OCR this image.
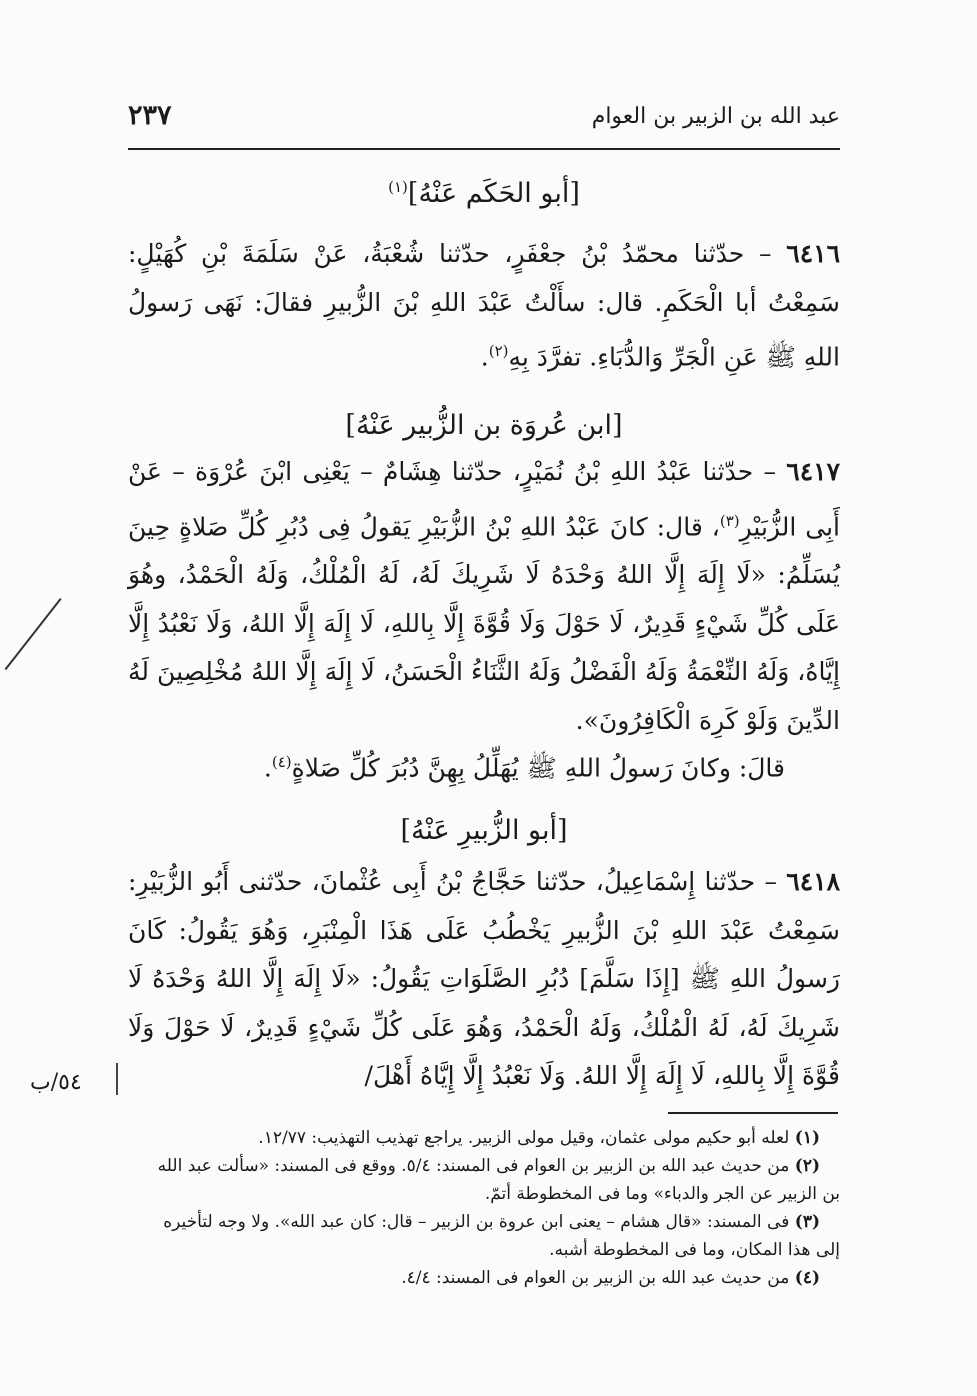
٢٣٧	عبد الله بن الزبير بن العوام
[أبو الحَكَم عَنْهُ]$^{(١)}$
٦٤١٦ – حدّثنا محمّدُ بْنُ جعْفَرٍ، حدّثنا شُعْبَةُ، عَنْ سَلَمَةَ بْنِ كُهَيْلٍ: سَمِعْتُ أبا الْحَكَمِ. قال: سأَلْتُ عَبْدَ اللهِ بْنَ الزُّبيرِ فقالَ: نَهَى رَسولُ اللهِ ﷺ عَنِ الْجَرِّ وَالدُّبَاءِ. تفرَّدَ بِهِ$^{(٢)}$.
[ابن عُروَة بن الزُّبير عَنْهُ]
٦٤١٧ – حدّثنا عَبْدُ اللهِ بْنُ نُمَيْرٍ، حدّثنا هِشَامٌ – يَعْنِى ابْنَ عُرْوَة – عَنْ أَبِى الزُّبَيْرِ$^{(٣)}$، قال: كانَ عَبْدُ اللهِ بْنُ الزُّبَيْرِ يَقولُ فِى دُبُرِ كُلِّ صَلاةٍ حِينَ يُسَلِّمُ: «لَا إِلَهَ إِلَّا اللهُ وَحْدَهُ لَا شَرِيكَ لَهُ، لَهُ الْمُلْكُ، وَلَهُ الْحَمْدُ، وهُوَ عَلَى كُلِّ شَيْءٍ قَدِيرٌ، لَا حَوْلَ وَلَا قُوَّةَ إِلَّا بِاللهِ، لَا إِلَهَ إِلَّا اللهُ، وَلَا نَعْبُدُ إِلَّا إِيَّاهُ، وَلَهُ النِّعْمَةُ وَلَهُ الْفَضْلُ وَلَهُ الثَّنَاءُ الْحَسَنُ، لَا إِلَهَ إِلَّا اللهُ مُخْلِصِينَ لَهُ الدِّينَ وَلَوْ كَرِهَ الْكَافِرُونَ».
قالَ: وكانَ رَسولُ اللهِ ﷺ يُهَلِّلُ بِهِنَّ دُبُرَ كُلِّ صَلاةٍ$^{(٤)}$.
[أبو الزُّبيرِ عَنْهُ]
٦٤١٨ – حدّثنا إِسْمَاعِيلُ، حدّثنا حَجَّاجُ بْنُ أَبِى عُثْمانَ، حدّثنى أَبُو الزُّبَيْرِ: سَمِعْتُ عَبْدَ اللهِ بْنَ الزُّبيرِ يَخْطُبُ عَلَى هَذَا الْمِنْبَرِ، وَهُوَ يَقُولُ: كَانَ رَسولُ اللهِ ﷺ [إِذَا سَلَّمَ] دُبُرِ الصَّلَوَاتِ يَقُولُ: «لَا إِلَهَ إِلَّا اللهُ وَحْدَهُ لَا شَرِيكَ لَهُ، لَهُ الْمُلْكُ، وَلَهُ الْحَمْدُ، وَهُوَ عَلَى كُلِّ شَيْءٍ قَدِيرٌ، لَا حَوْلَ وَلَا قُوَّةَ إِلَّا بِاللهِ، لَا إِلَهَ إِلَّا اللهُ. وَلَا نَعْبُدُ إِلَّا إِيَّاهُ أَهْلَ/
٥٤/ب

(١) لعله أبو حكيم مولى عثمان، وقيل مولى الزبير. يراجع تهذيب التهذيب: ١٢/٧٧.

(٢) من حديث عبد الله بن الزبير بن العوام فى المسند: ٥/٤. ووقع فى المسند: «سألت عبد الله بن الزبير عن الجر والدباء» وما فى المخطوطة أتمّ.

(٣) فى المسند: «قال هشام – يعنى ابن عروة بن الزبير – قال: كان عبد الله». ولا وجه لتأخيره إلى هذا المكان، وما فى المخطوطة أشبه.

(٤) من حديث عبد الله بن الزبير بن العوام فى المسند: ٤/٤.
